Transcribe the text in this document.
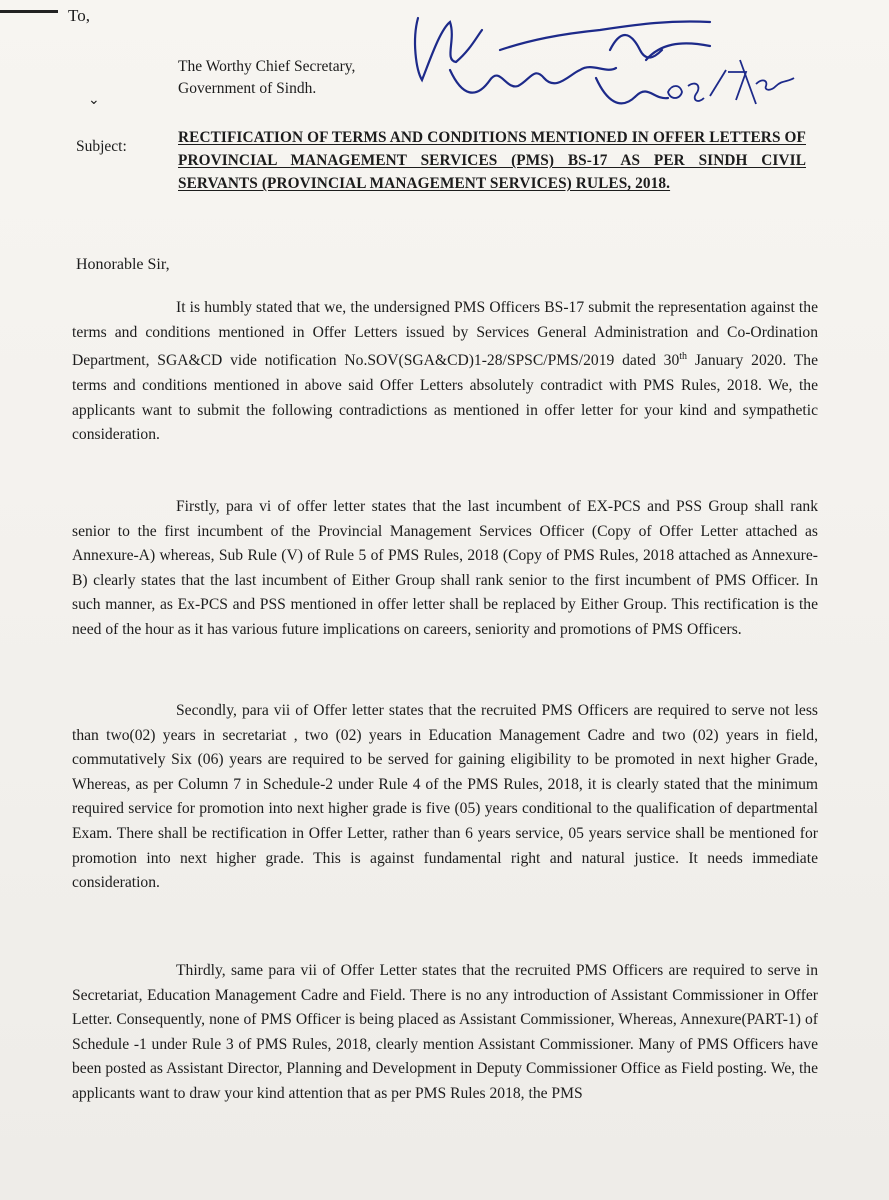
To,
The Worthy Chief Secretary,
Government of Sindh.
⌄
Subject:
RECTIFICATION OF TERMS AND CONDITIONS MENTIONED IN OFFER LETTERS OF PROVINCIAL MANAGEMENT SERVICES (PMS) BS-17 AS PER SINDH CIVIL SERVANTS (PROVINCIAL MANAGEMENT SERVICES) RULES, 2018.
Honorable Sir,
It is humbly stated that we, the undersigned PMS Officers BS-17 submit the representation against the terms and conditions mentioned in Offer Letters issued by Services General Administration and Co-Ordination Department, SGA&CD vide notification No.SOV(SGA&CD)1-28/SPSC/PMS/2019 dated 30th January 2020. The terms and conditions mentioned in above said Offer Letters absolutely contradict with PMS Rules, 2018. We, the applicants want to submit the following contradictions as mentioned in offer letter for your kind and sympathetic consideration.
Firstly, para vi of offer letter states that the last incumbent of EX-PCS and PSS Group shall rank senior to the first incumbent of the Provincial Management Services Officer (Copy of Offer Letter attached as Annexure-A) whereas, Sub Rule (V) of Rule 5 of PMS Rules, 2018 (Copy of PMS Rules, 2018 attached as Annexure-B) clearly states that the last incumbent of Either Group shall rank senior to the first incumbent of PMS Officer. In such manner, as Ex-PCS and PSS mentioned in offer letter shall be replaced by Either Group. This rectification is the need of the hour as it has various future implications on careers, seniority and promotions of PMS Officers.
Secondly, para vii of Offer letter states that the recruited PMS Officers are required to serve not less than two(02) years in secretariat , two (02) years in Education Management Cadre and two (02) years in field, commutatively Six (06) years are required to be served for gaining eligibility to be promoted in next higher Grade, Whereas, as per Column 7 in Schedule-2 under Rule 4 of the PMS Rules, 2018, it is clearly stated that the minimum required service for promotion into next higher grade is five (05) years conditional to the qualification of departmental Exam. There shall be rectification in Offer Letter, rather than 6 years service, 05 years service shall be mentioned for promotion into next higher grade. This is against fundamental right and natural justice. It needs immediate consideration.
Thirdly, same para vii of Offer Letter states that the recruited PMS Officers are required to serve in Secretariat, Education Management Cadre and Field. There is no any introduction of Assistant Commissioner in Offer Letter. Consequently, none of PMS Officer is being placed as Assistant Commissioner, Whereas, Annexure(PART-1) of Schedule -1 under Rule 3 of PMS Rules, 2018, clearly mention Assistant Commissioner. Many of PMS Officers have been posted as Assistant Director, Planning and Development in Deputy Commissioner Office as Field posting. We, the applicants want to draw your kind attention that as per PMS Rules 2018, the PMS
